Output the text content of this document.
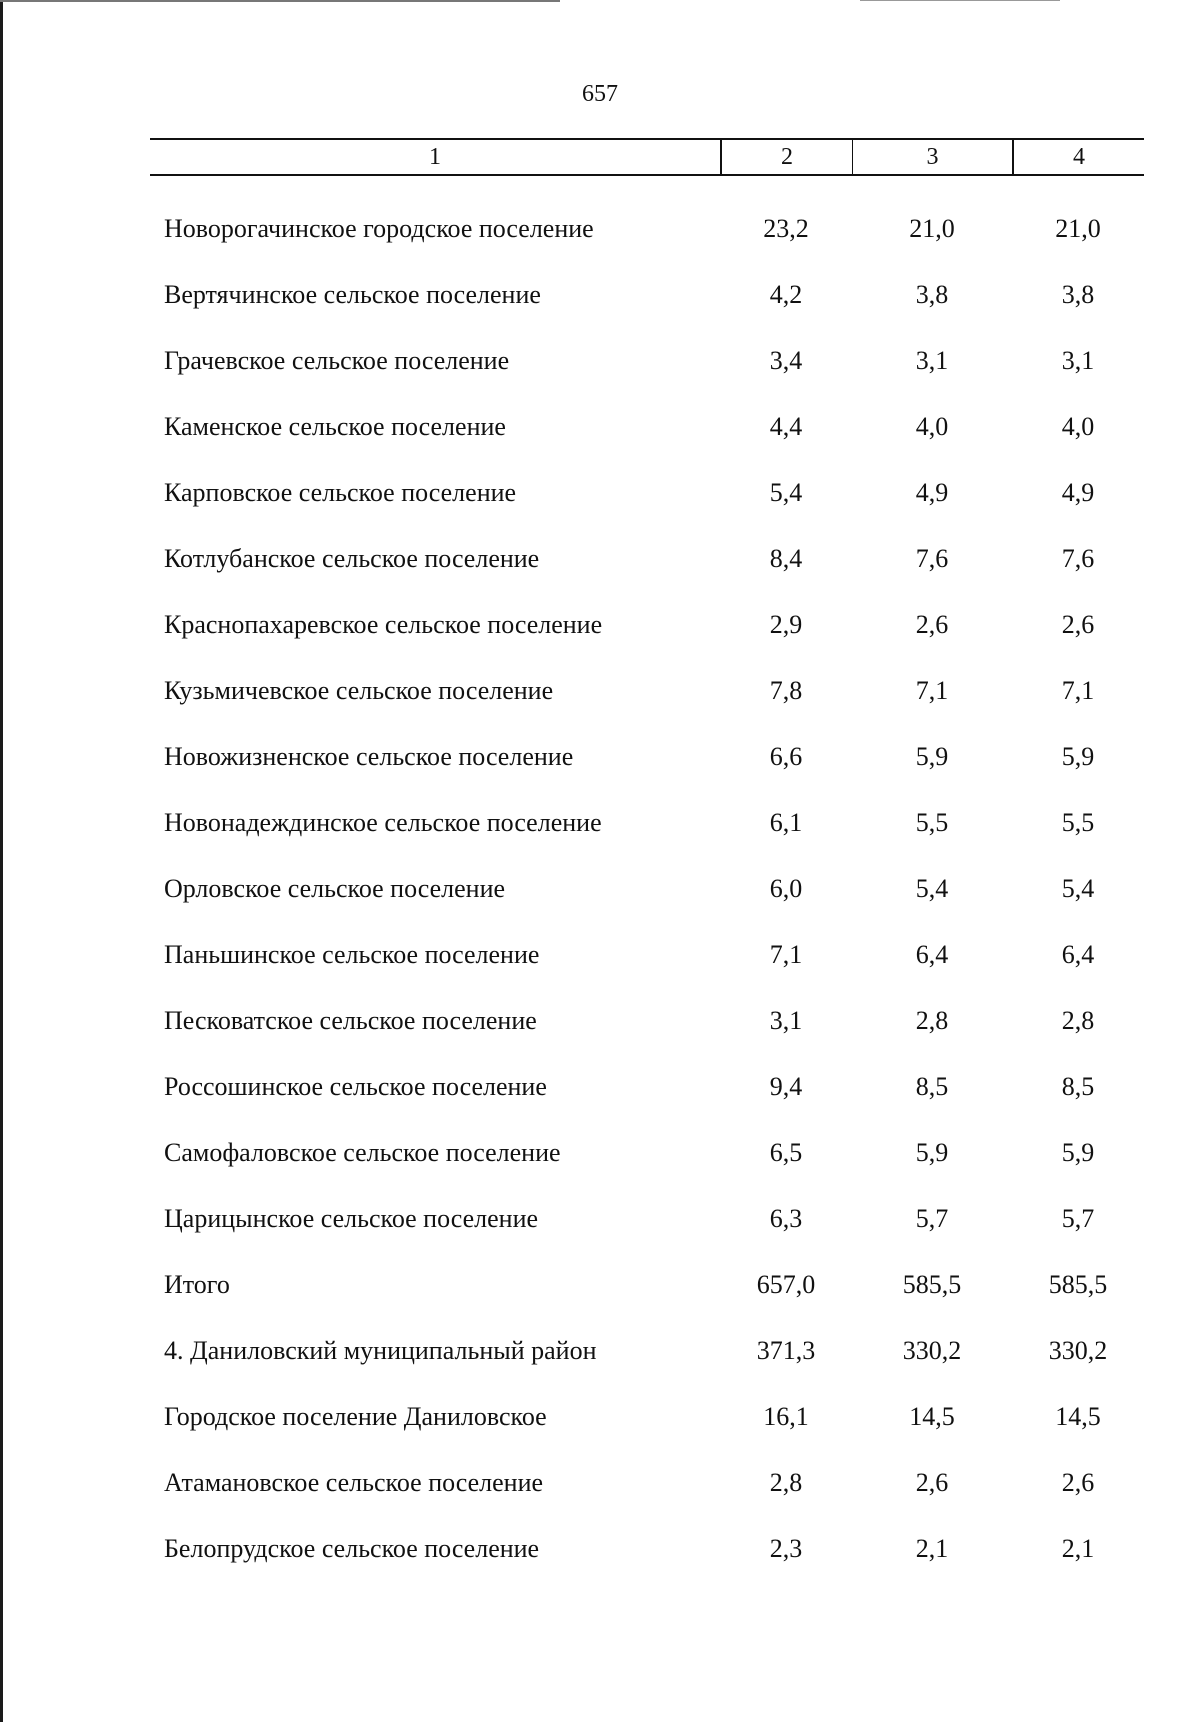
657
1	2	3	4
Новорогачинское городское поселение	23,2	21,0	21,0
Вертячинское сельское поселение	4,2	3,8	3,8
Грачевское сельское поселение	3,4	3,1	3,1
Каменское сельское поселение	4,4	4,0	4,0
Карповское сельское поселение	5,4	4,9	4,9
Котлубанское сельское поселение	8,4	7,6	7,6
Краснопахаревское сельское поселение	2,9	2,6	2,6
Кузьмичевское сельское поселение	7,8	7,1	7,1
Новожизненское сельское поселение	6,6	5,9	5,9
Новонадеждинское сельское поселение	6,1	5,5	5,5
Орловское сельское поселение	6,0	5,4	5,4
Паньшинское сельское поселение	7,1	6,4	6,4
Песковатское сельское поселение	3,1	2,8	2,8
Россошинское сельское поселение	9,4	8,5	8,5
Самофаловское сельское поселение	6,5	5,9	5,9
Царицынское сельское поселение	6,3	5,7	5,7
Итого	657,0	585,5	585,5
4. Даниловский муниципальный район	371,3	330,2	330,2
Городское поселение Даниловское	16,1	14,5	14,5
Атамановское сельское поселение	2,8	2,6	2,6
Белопрудское сельское поселение	2,3	2,1	2,1
